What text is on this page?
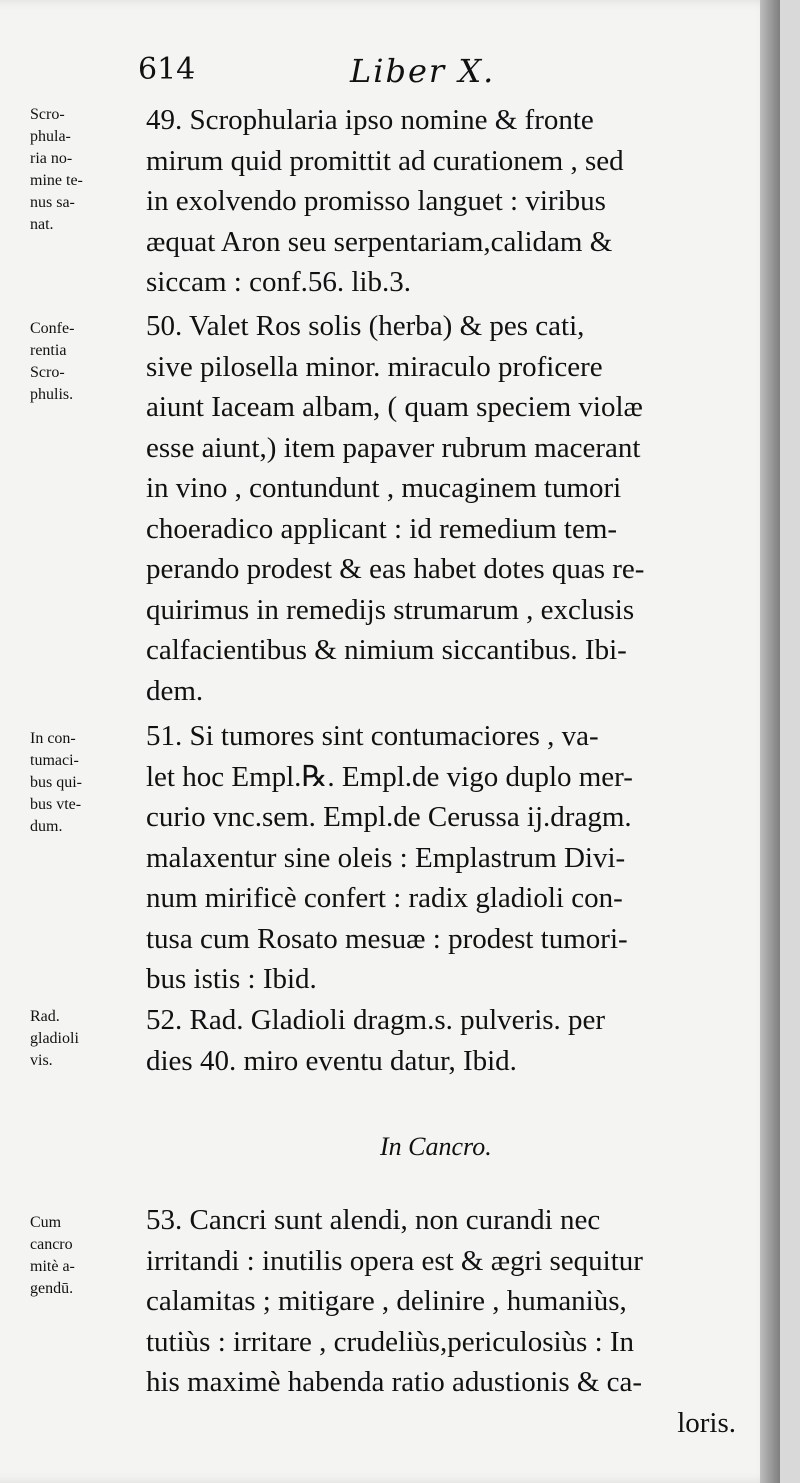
614	Liber X.
Scro-
phula-
ria no-
mine te-
nus sa-
nat.
Confe-
rentia
Scro-
phulis.
In con-
tumaci-
bus qui-
bus vte-
dum.
Rad.
gladioli
vis.
Cum
cancro
mitè a-
gendū.
49. Scrophularia ipso nomine & fronte
mirum quid promittit ad curationem , sed
in exolvendo promisso languet : viribus
æquat Aron seu serpentariam,calidam &
siccam : conf.56. lib.3.
50. Valet Ros solis (herba) & pes cati,
sive pilosella minor. miraculo proficere
aiunt Iaceam albam, ( quam speciem violæ
esse aiunt,) item papaver rubrum macerant
in vino , contundunt , mucaginem tumori
choeradico applicant : id remedium tem-
perando prodest & eas habet dotes quas re-
quirimus in remedijs strumarum , exclusis
calfacientibus & nimium siccantibus. Ibi-
dem.
51. Si tumores sint contumaciores , va-
let hoc Empl.℞. Empl.de vigo duplo mer-
curio vnc.sem. Empl.de Cerussa ij.dragm.
malaxentur sine oleis : Emplastrum Divi-
num mirificè confert : radix gladioli con-
tusa cum Rosato mesuæ : prodest tumori-
bus istis : Ibid.
52. Rad. Gladioli dragm.s. pulveris. per
dies 40. miro eventu datur, Ibid.
In Cancro.
53. Cancri sunt alendi, non curandi nec
irritandi : inutilis opera est & ægri sequitur
calamitas ; mitigare , delinire , humaniùs,
tutiùs : irritare , crudeliùs,periculosiùs : In
his maximè habenda ratio adustionis & ca-
loris.
